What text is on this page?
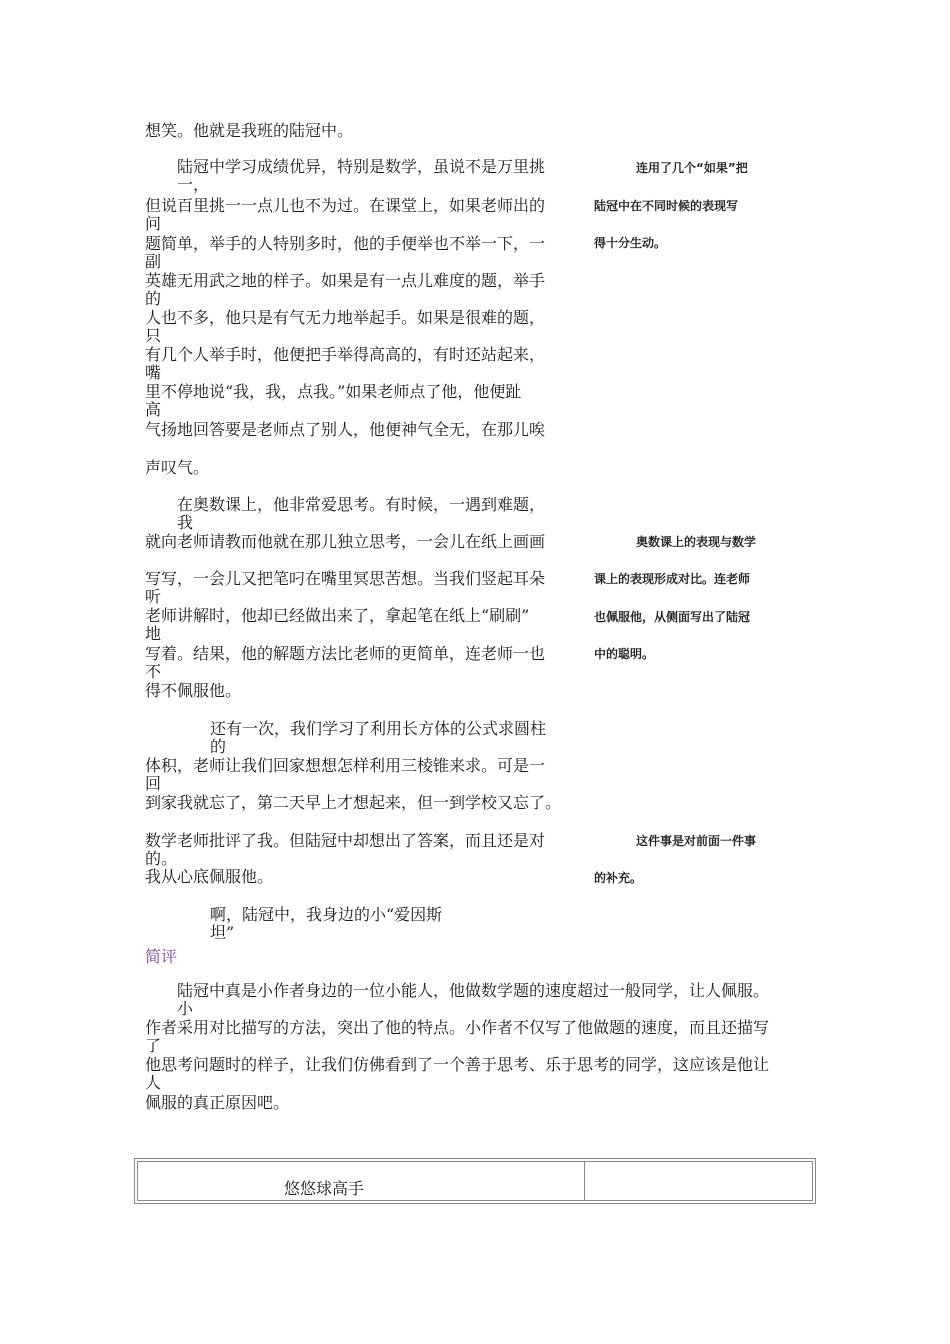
想笑。他就是我班的陆冠中。
陆冠中学习成绩优异，特别是数学，虽说不是万里挑
一，
但说百里挑一一点儿也不为过。在课堂上，如果老师出的
问
题简单，举手的人特别多时，他的手便举也不举一下，一
副
英雄无用武之地的样子。如果是有一点儿难度的题，举手
的
人也不多，他只是有气无力地举起手。如果是很难的题，
只
有几个人举手时，他便把手举得高高的，有时还站起来，
嘴
里不停地说“我，我，点我。”如果老师点了他，他便趾
高
气扬地回答要是老师点了别人，他便神气全无，在那儿唉
声叹气。
在奥数课上，他非常爱思考。有时候，一遇到难题，
我
就向老师请教而他就在那儿独立思考，一会儿在纸上画画
写写，一会儿又把笔叼在嘴里冥思苦想。当我们竖起耳朵
听
老师讲解时，他却已经做出来了，拿起笔在纸上“刷刷”
地
写着。结果，他的解题方法比老师的更简单，连老师一也
不
得不佩服他。
还有一次，我们学习了利用长方体的公式求圆柱
的
体积，老师让我们回家想想怎样利用三棱锥来求。可是一
回
到家我就忘了，第二天早上才想起来，但一到学校又忘了。
数学老师批评了我。但陆冠中却想出了答案，而且还是对
的。
我从心底佩服他。
啊，陆冠中，我身边的小“爱因斯
坦”
连用了几个“如果”把
陆冠中在不同时候的表现写
得十分生动。
奥数课上的表现与数学
课上的表现形成对比。连老师
也佩服他，从侧面写出了陆冠
中的聪明。
这件事是对前面一件事
的补充。
简评
陆冠中真是小作者身边的一位小能人，他做数学题的速度超过一般同学，让人佩服。
小
作者采用对比描写的方法，突出了他的特点。小作者不仅写了他做题的速度，而且还描写
了
他思考问题时的样子，让我们仿佛看到了一个善于思考、乐于思考的同学，这应该是他让
人
佩服的真正原因吧。
悠悠球高手
